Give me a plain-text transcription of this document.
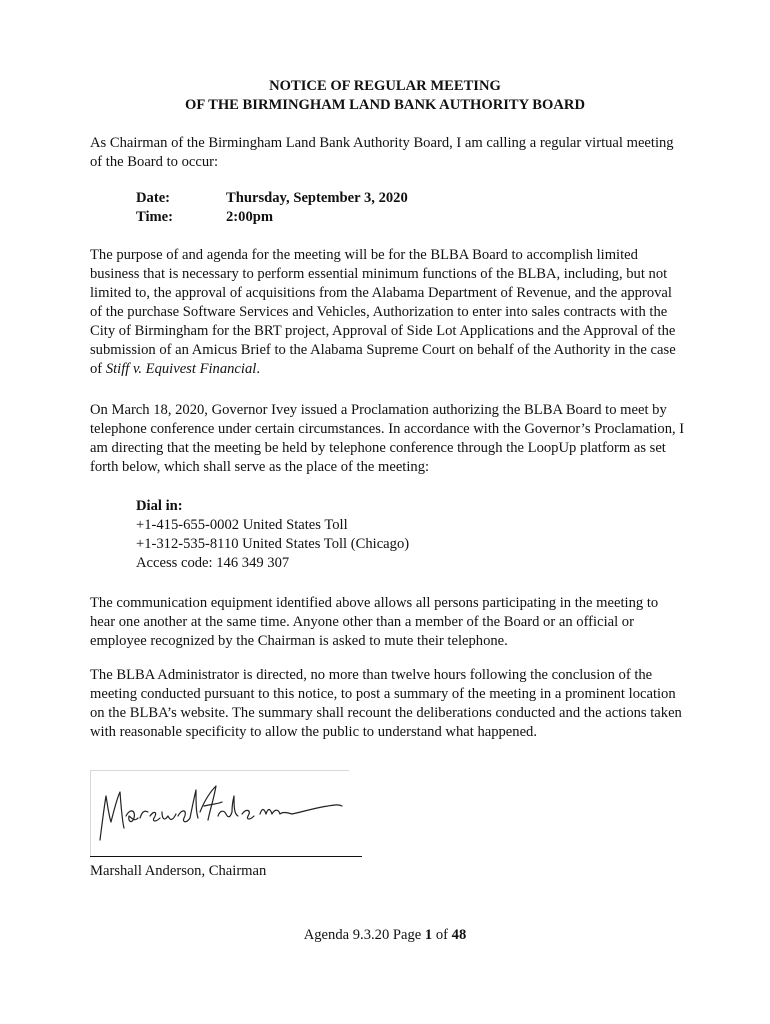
NOTICE OF REGULAR MEETING
OF THE BIRMINGHAM LAND BANK AUTHORITY BOARD

As Chairman of the Birmingham Land Bank Authority Board, I am calling a regular virtual meeting of the Board to occur:

Date:	Thursday, September 3, 2020
Time:	2:00pm

The purpose of and agenda for the meeting will be for the BLBA Board to accomplish limited business that is necessary to perform essential minimum functions of the BLBA, including, but not limited to, the approval of acquisitions from the Alabama Department of Revenue, and the approval of the purchase Software Services and Vehicles, Authorization to enter into sales contracts with the City of Birmingham for the BRT project, Approval of Side Lot Applications and the Approval of the submission of an Amicus Brief to the Alabama Supreme Court on behalf of the Authority in the case of Stiff v. Equivest Financial.

On March 18, 2020, Governor Ivey issued a Proclamation authorizing the BLBA Board to meet by telephone conference under certain circumstances. In accordance with the Governor’s Proclamation, I am directing that the meeting be held by telephone conference through the LoopUp platform as set forth below, which shall serve as the place of the meeting:

Dial in:
+1-415-655-0002 United States Toll
+1-312-535-8110 United States Toll (Chicago)
Access code: 146 349 307

The communication equipment identified above allows all persons participating in the meeting to hear one another at the same time. Anyone other than a member of the Board or an official or employee recognized by the Chairman is asked to mute their telephone.

The BLBA Administrator is directed, no more than twelve hours following the conclusion of the meeting conducted pursuant to this notice, to post a summary of the meeting in a prominent location on the BLBA’s website. The summary shall recount the deliberations conducted and the actions taken with reasonable specificity to allow the public to understand what happened.

Marshall Anderson, Chairman
Agenda 9.3.20 Page 1 of 48
